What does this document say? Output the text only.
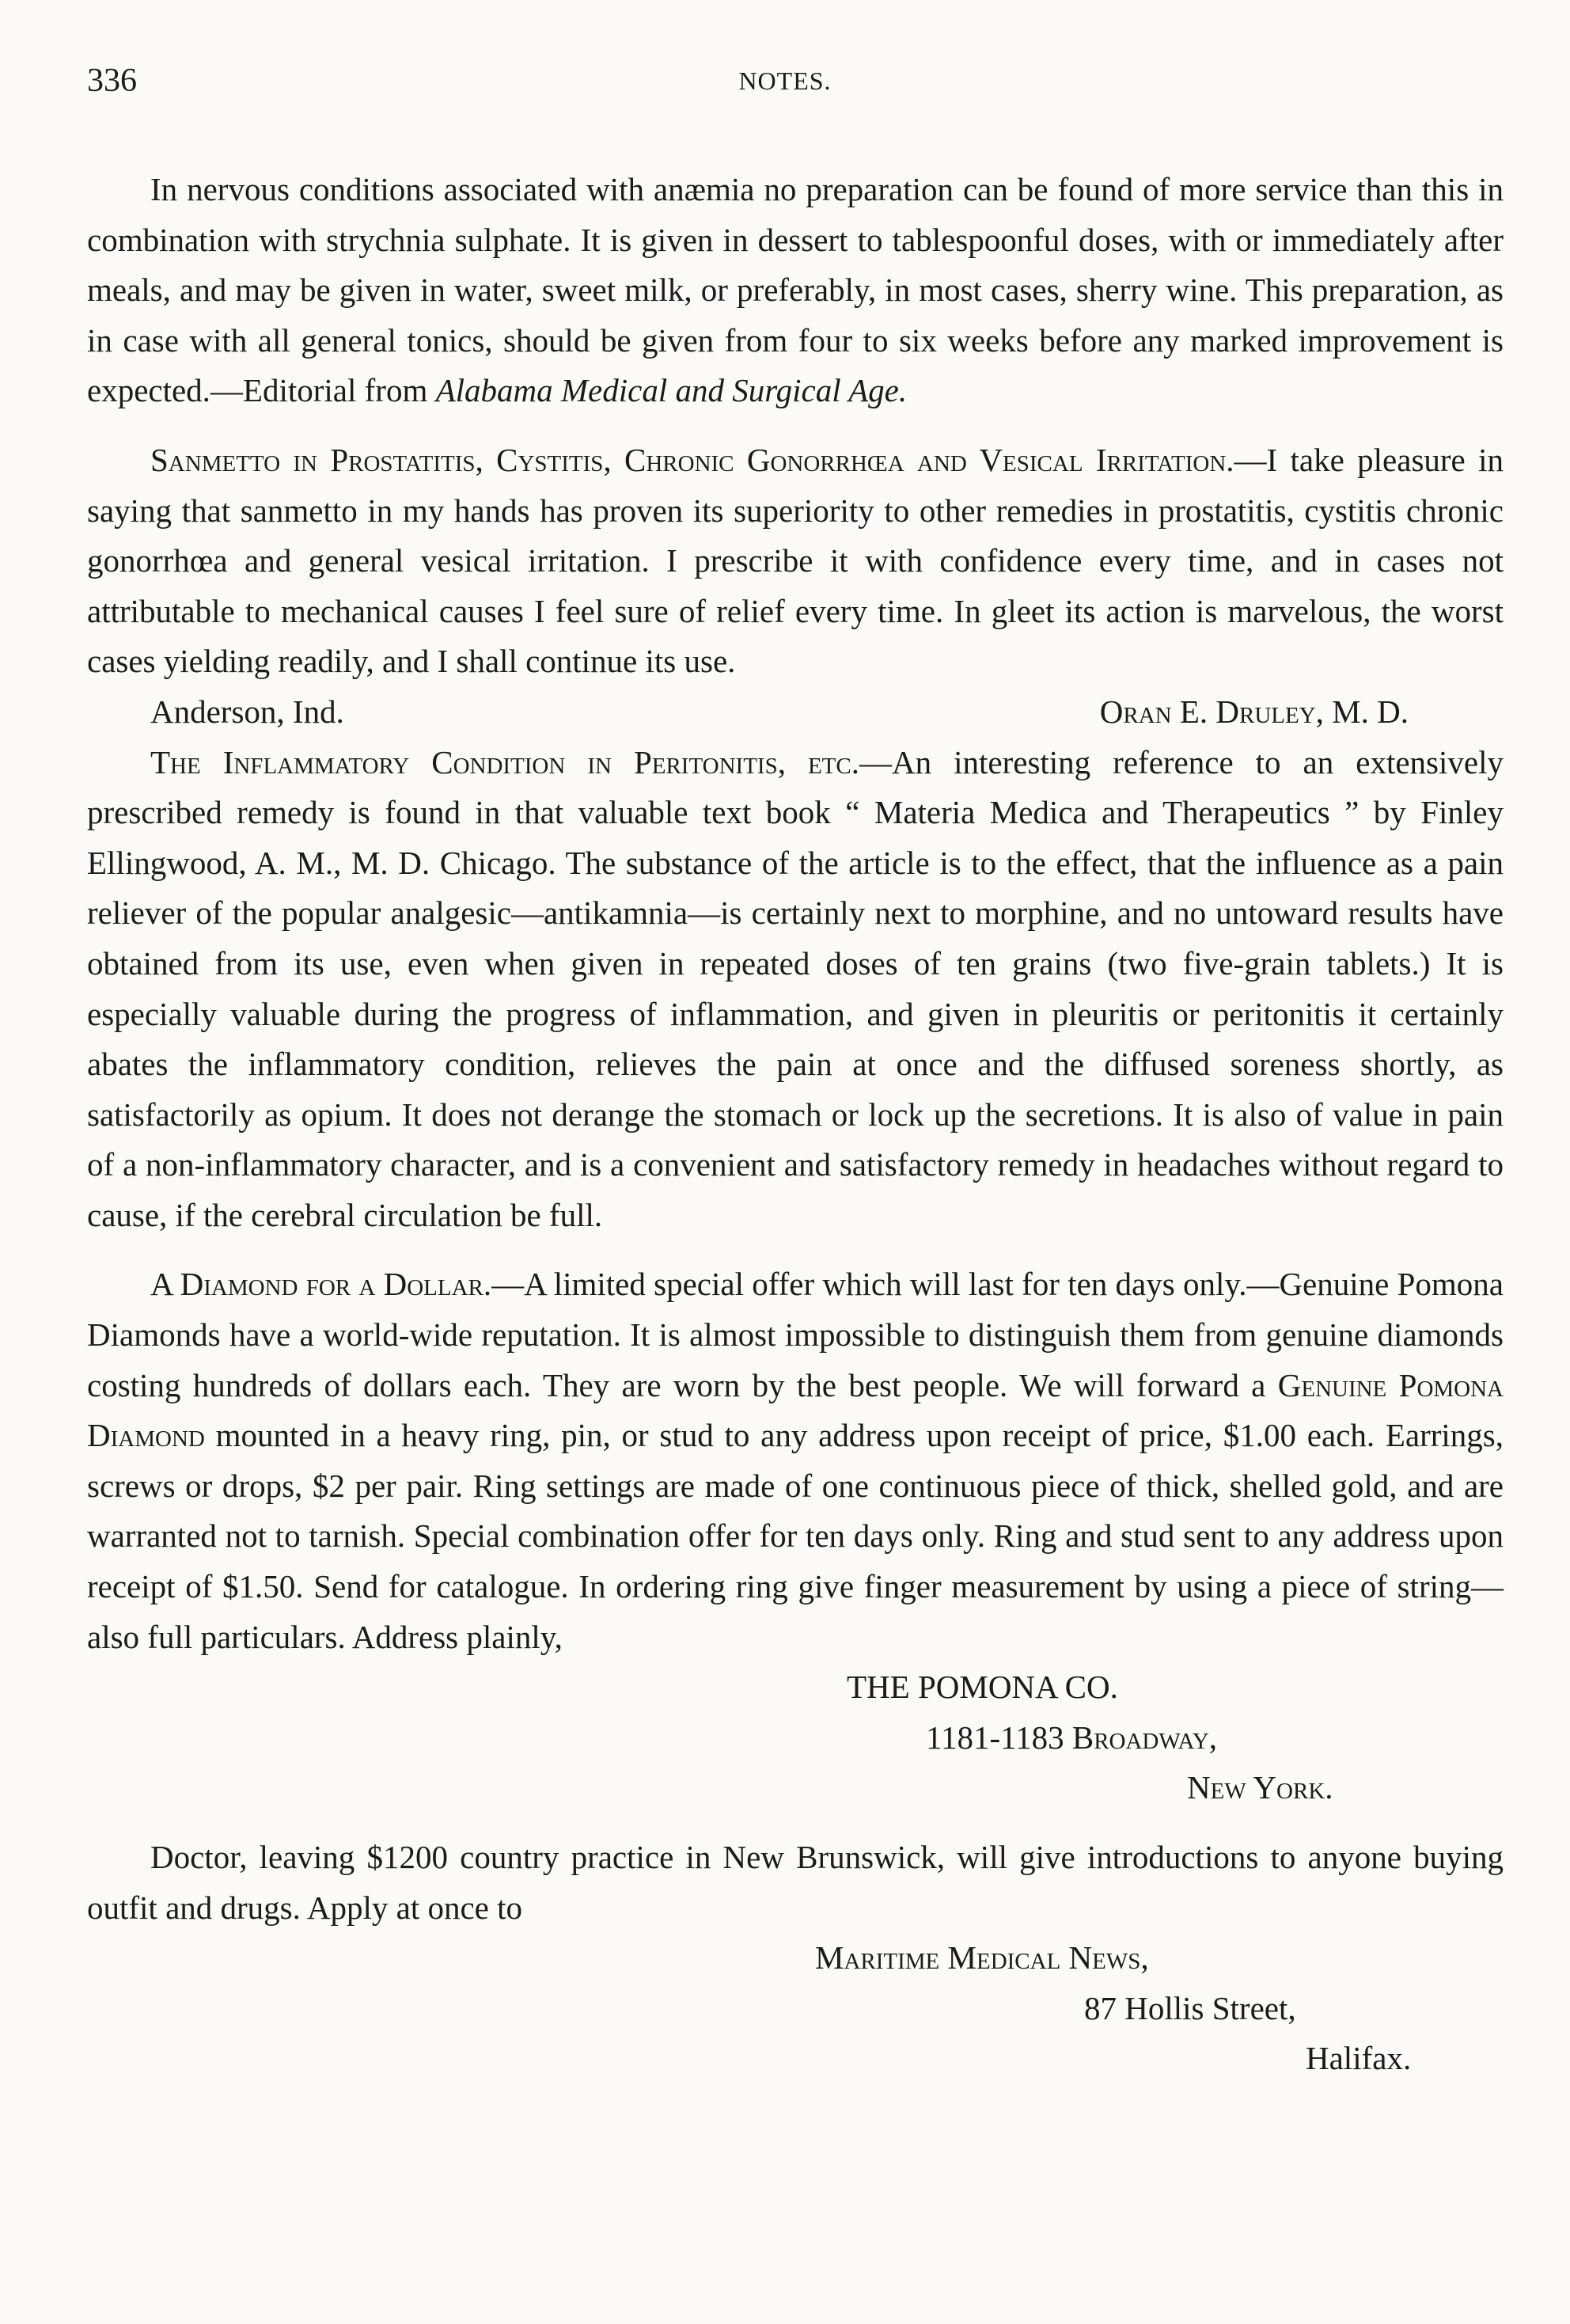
336	NOTES.

In nervous conditions associated with anæmia no preparation can be found of more service than this in combination with strychnia sulphate. It is given in dessert to tablespoonful doses, with or immediately after meals, and may be given in water, sweet milk, or preferably, in most cases, sherry wine. This preparation, as in case with all general tonics, should be given from four to six weeks before any marked improvement is expected.—Editorial from Alabama Medical and Surgical Age.

Sanmetto in Prostatitis, Cystitis, Chronic Gonorrhœa and Vesical Irritation.—I take pleasure in saying that sanmetto in my hands has proven its superiority to other remedies in prostatitis, cystitis chronic gonorrhœa and general vesical irritation. I prescribe it with confidence every time, and in cases not attributable to mechanical causes I feel sure of relief every time. In gleet its action is marvelous, the worst cases yielding readily, and I shall continue its use.

Anderson, Ind.	Oran E. Druley, M. D.

The Inflammatory Condition in Peritonitis, etc.—An interesting reference to an extensively prescribed remedy is found in that valuable text book “ Materia Medica and Therapeutics ” by Finley Ellingwood, A. M., M. D. Chicago. The substance of the article is to the effect, that the influence as a pain reliever of the popular analgesic—antikamnia—is certainly next to morphine, and no untoward results have obtained from its use, even when given in repeated doses of ten grains (two five-grain tablets.) It is especially valuable during the progress of inflammation, and given in pleuritis or peritonitis it certainly abates the inflammatory condition, relieves the pain at once and the diffused soreness shortly, as satisfactorily as opium. It does not derange the stomach or lock up the secretions. It is also of value in pain of a non-inflammatory character, and is a convenient and satisfactory remedy in headaches without regard to cause, if the cerebral circulation be full.

A Diamond for a Dollar.—A limited special offer which will last for ten days only.—Genuine Pomona Diamonds have a world-wide reputation. It is almost impossible to distinguish them from genuine diamonds costing hundreds of dollars each. They are worn by the best people. We will forward a Genuine Pomona Diamond mounted in a heavy ring, pin, or stud to any address upon receipt of price, $1.00 each. Earrings, screws or drops, $2 per pair. Ring settings are made of one continuous piece of thick, shelled gold, and are warranted not to tarnish. Special combination offer for ten days only. Ring and stud sent to any address upon receipt of $1.50. Send for catalogue. In ordering ring give finger measurement by using a piece of string—also full particulars. Address plainly,

THE POMONA CO.
1181-1183 Broadway,
New York.

Doctor, leaving $1200 country practice in New Brunswick, will give introductions to anyone buying outfit and drugs. Apply at once to

Maritime Medical News,
87 Hollis Street,
Halifax.
